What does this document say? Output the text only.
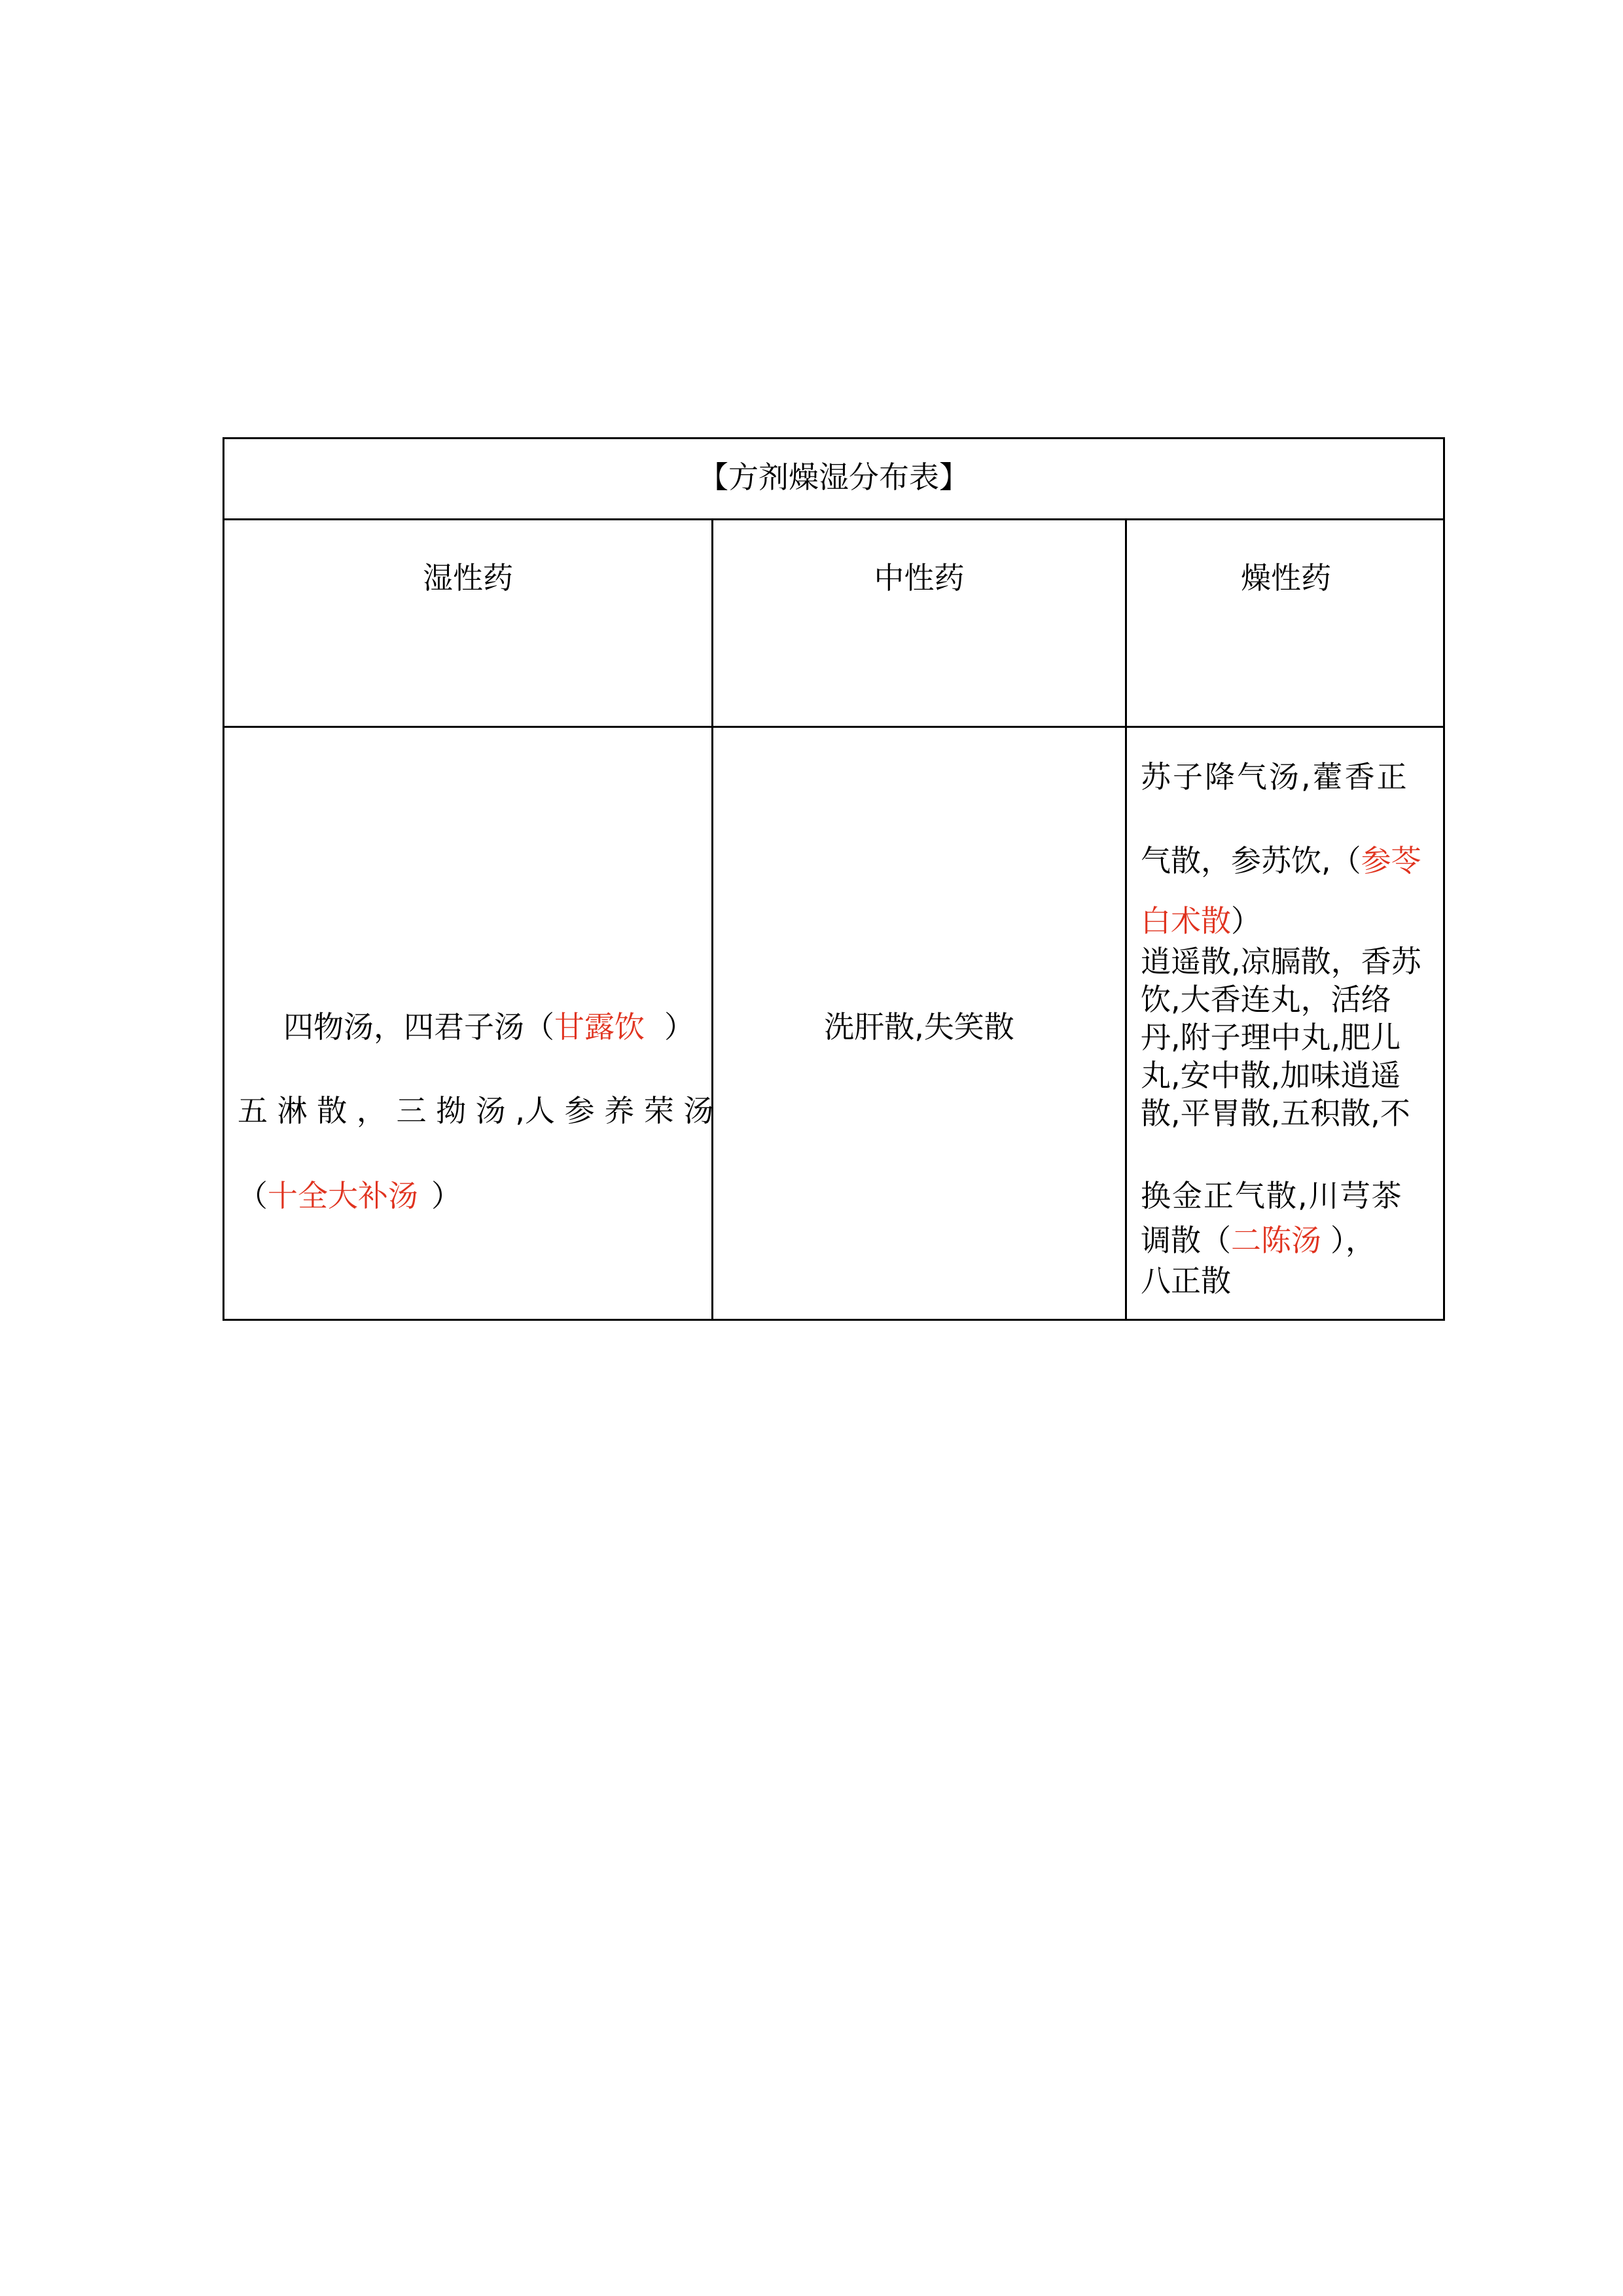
【方剂燥湿分布表】
湿性药	中性药	燥性药
四物汤，四君子汤（甘露饮 ）
五 淋 散 ， 三 拗 汤 ,人 参 养 荣 汤
（十全大补汤 ）
洗肝散,失笑散
苏子降气汤,藿香正
气散，参苏饮,（参苓
白术散）
逍遥散,凉膈散，香苏
饮,大香连丸，活络
丹,附子理中丸,肥儿
丸,安中散,加味逍遥
散,平胃散,五积散,不
换金正气散,川芎茶
调散（二陈汤 ），
八正散
